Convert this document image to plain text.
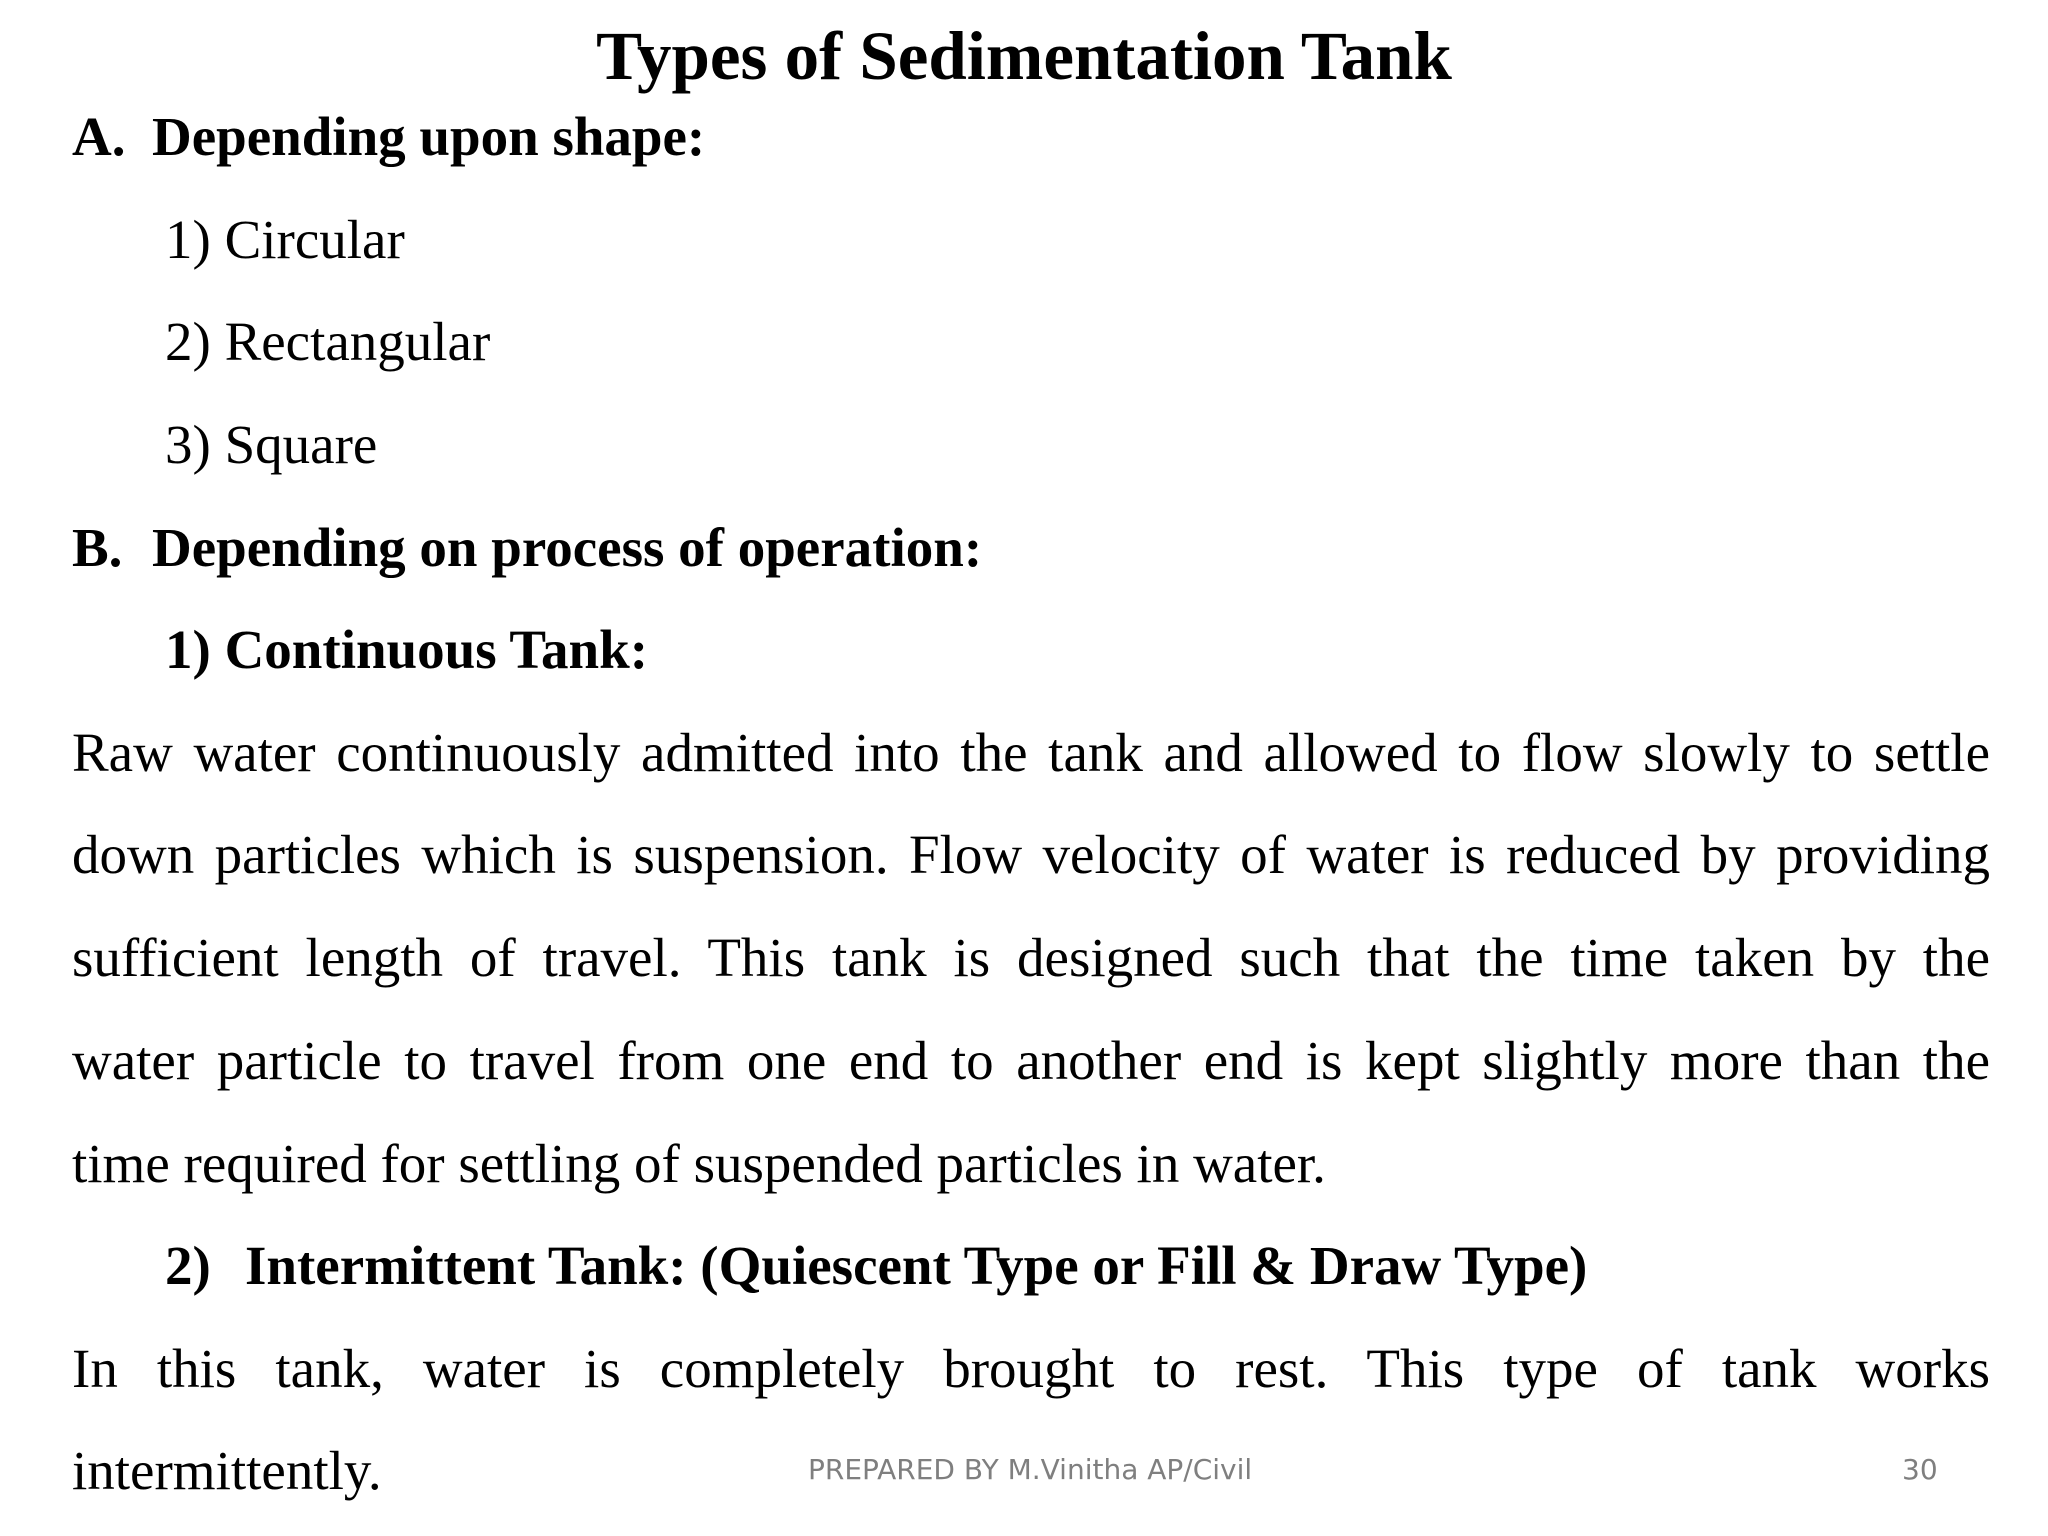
Types of Sedimentation Tank
A. Depending upon shape:
1) Circular
2) Rectangular
3) Square
B. Depending on process of operation:
1) Continuous Tank:
Raw water continuously admitted into the tank and allowed to flow slowly to settle
down particles which is suspension. Flow velocity of water is reduced by providing
sufficient length of travel. This tank is designed such that the time taken by the
water particle to travel from one end to another end is kept slightly more than the
time required for settling of suspended particles in water.
2) Intermittent Tank: (Quiescent Type or Fill & Draw Type)
In this tank, water is completely brought to rest. This type of tank works
intermittently.	PREPARED BY M.Vinitha AP/Civil	30
